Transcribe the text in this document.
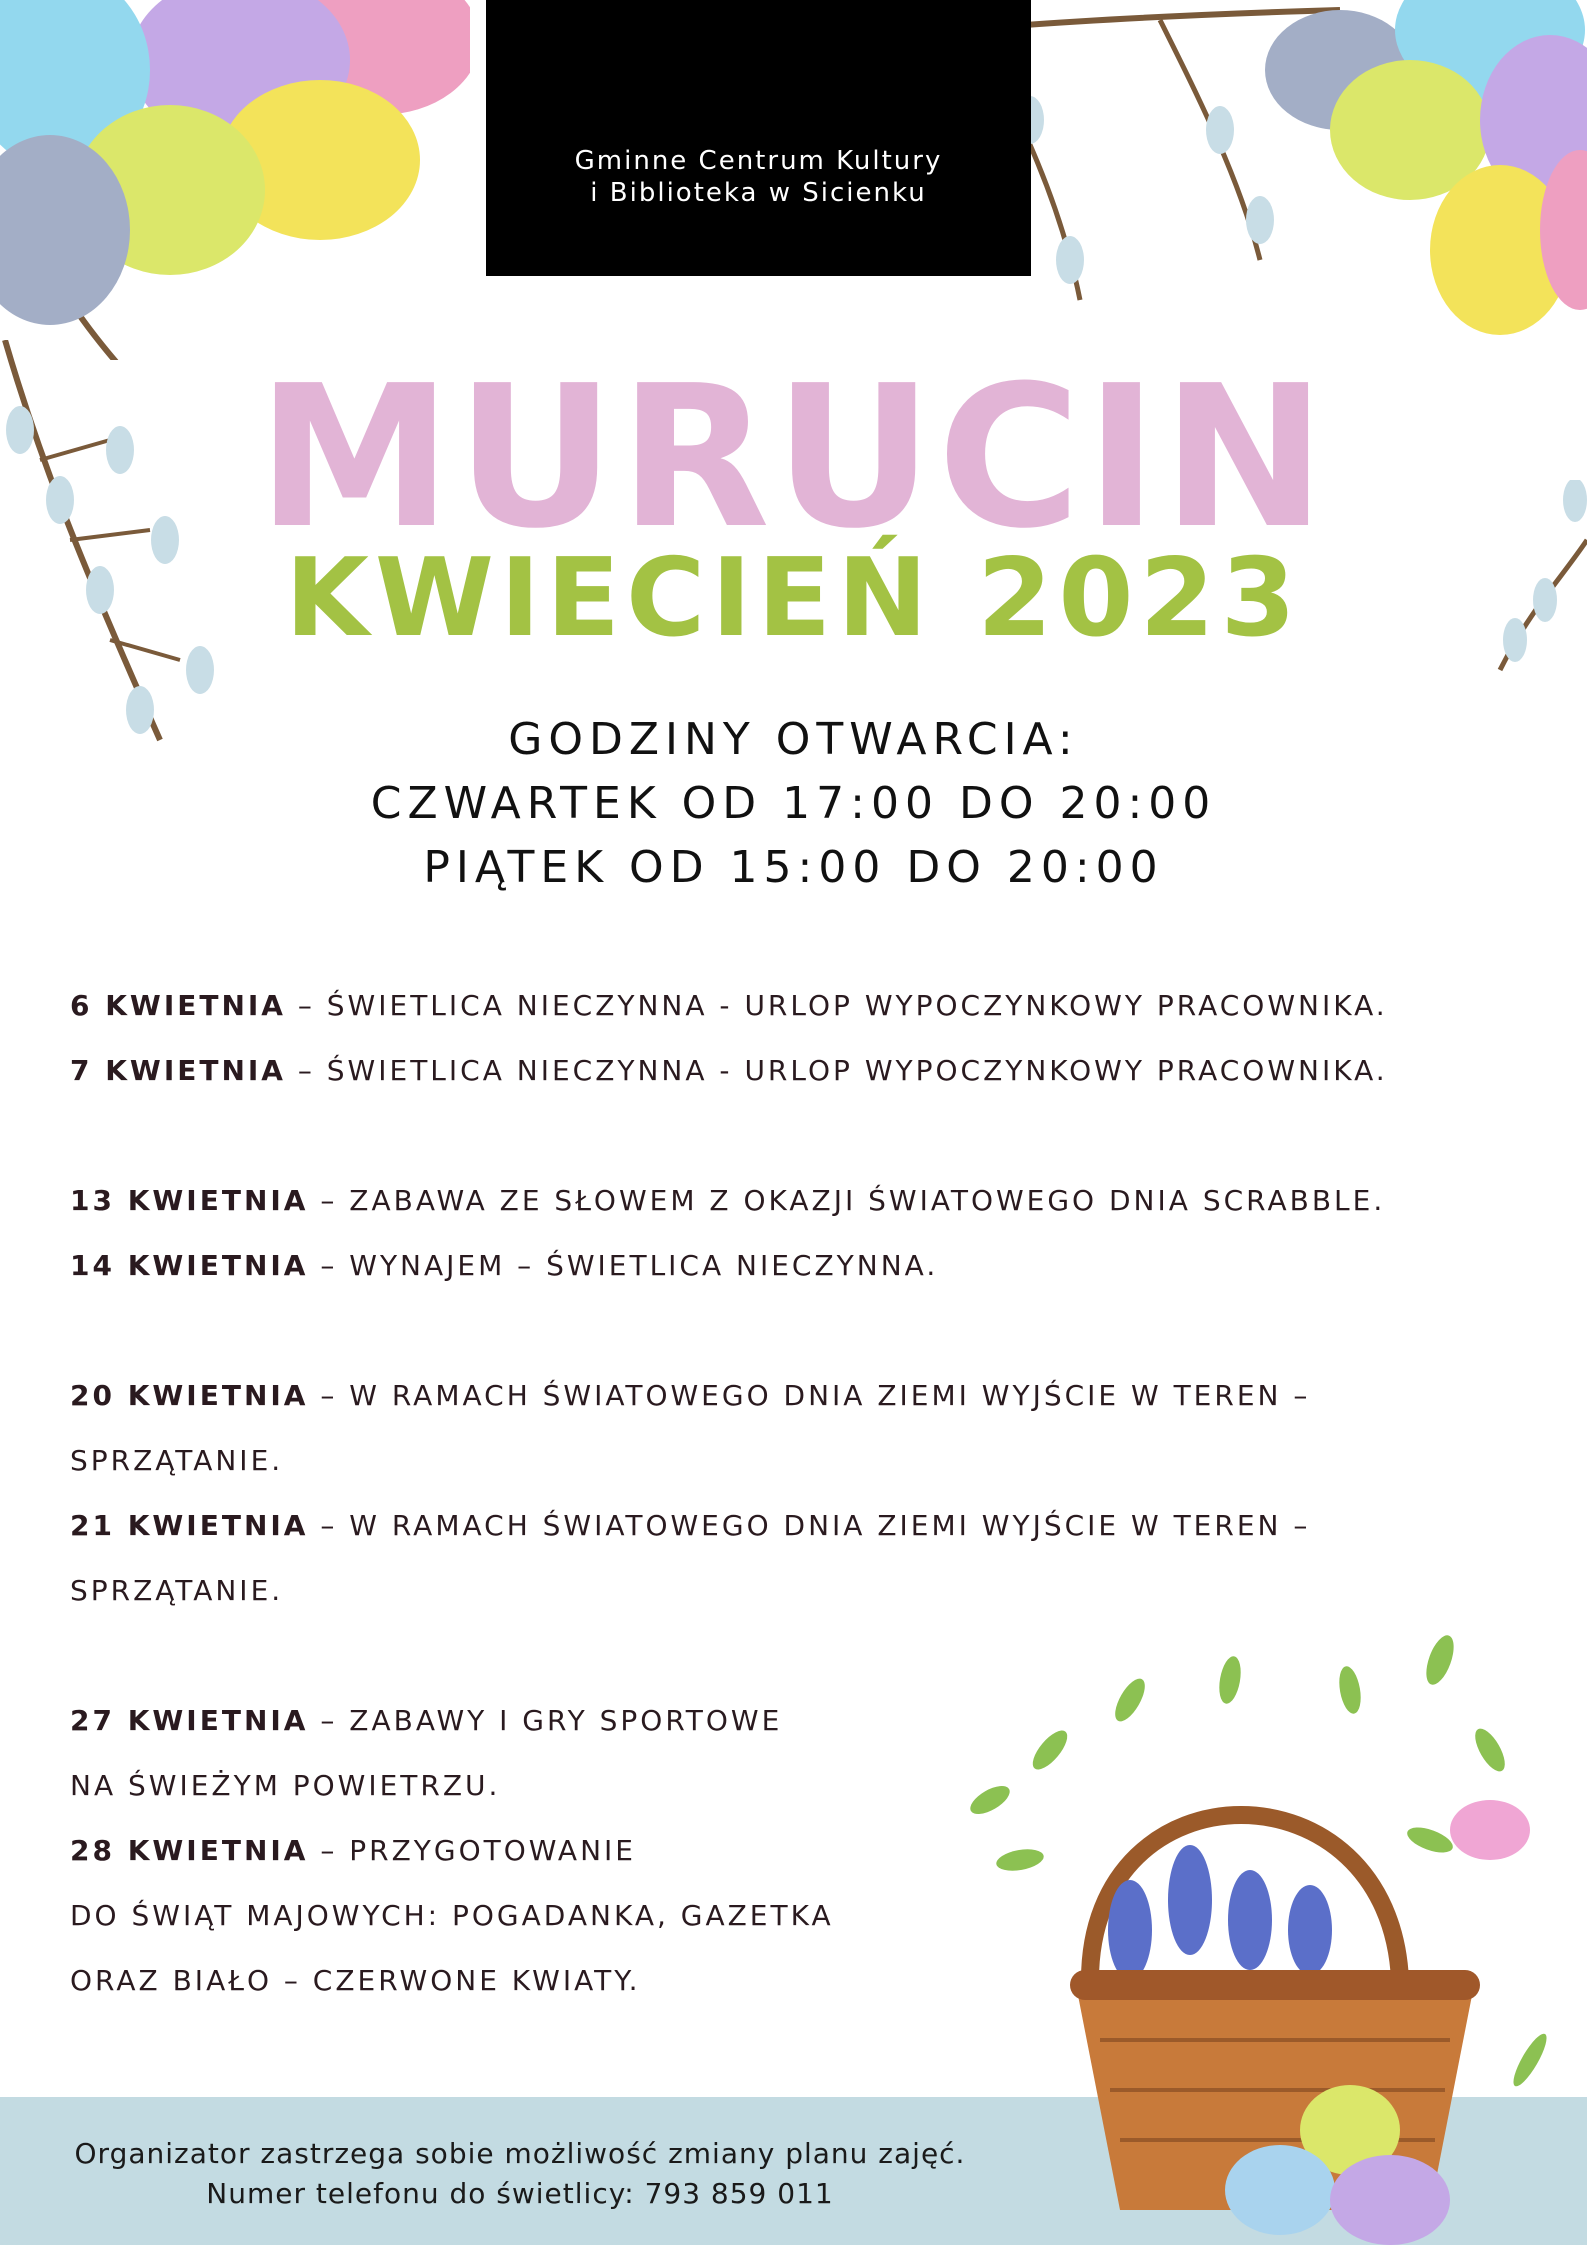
Gminne Centrum Kultury
i Biblioteka w Sicienku
MURUCIN
KWIECIEŃ 2023
GODZINY OTWARCIA:
CZWARTEK OD 17:00 DO 20:00
PIĄTEK OD 15:00 DO 20:00
6 KWIETNIA – ŚWIETLICA NIECZYNNA - URLOP WYPOCZYNKOWY PRACOWNIKA.
7 KWIETNIA – ŚWIETLICA NIECZYNNA - URLOP WYPOCZYNKOWY PRACOWNIKA.
13 KWIETNIA – ZABAWA ZE SŁOWEM Z OKAZJI ŚWIATOWEGO DNIA SCRABBLE.
14 KWIETNIA – WYNAJEM – ŚWIETLICA NIECZYNNA.
20 KWIETNIA – W RAMACH ŚWIATOWEGO DNIA ZIEMI WYJŚCIE W TEREN –
SPRZĄTANIE.
21 KWIETNIA – W RAMACH ŚWIATOWEGO DNIA ZIEMI WYJŚCIE W TEREN –
SPRZĄTANIE.
27 KWIETNIA – ZABAWY I GRY SPORTOWE
NA ŚWIEŻYM POWIETRZU.
28 KWIETNIA – PRZYGOTOWANIE
DO ŚWIĄT MAJOWYCH: POGADANKA, GAZETKA
ORAZ BIAŁO – CZERWONE KWIATY.
Organizator zastrzega sobie możliwość zmiany planu zajęć.
Numer telefonu do świetlicy: 793 859 011
